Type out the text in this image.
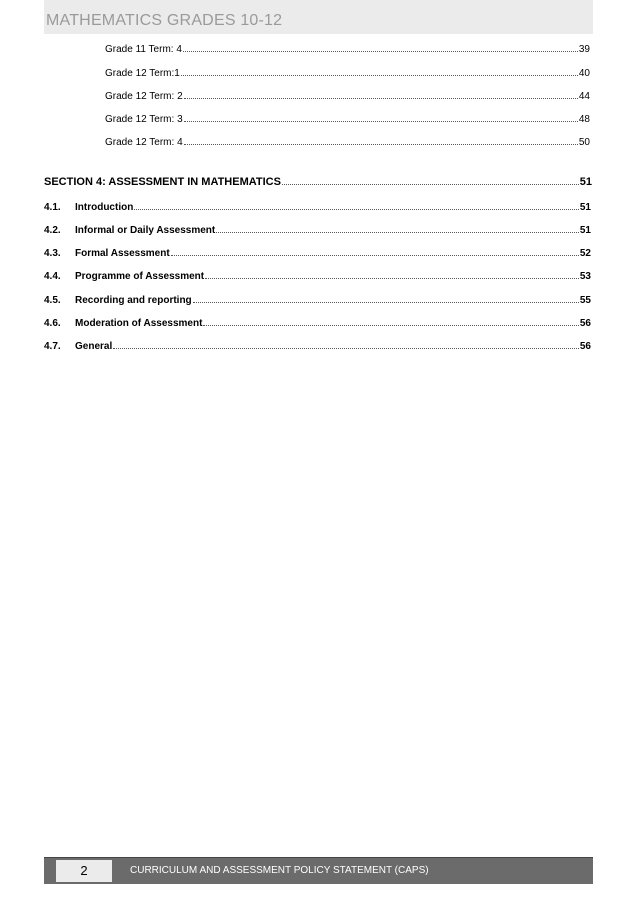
MATHEMATICS GRADES 10-12
Grade 11 Term: 4	39
Grade 12 Term:1	40
Grade 12 Term: 2	44
Grade 12 Term: 3	48
Grade 12 Term: 4	50
SECTION 4: ASSESSMENT IN MATHEMATICS	51
4.1. Introduction	51
4.2. Informal or Daily Assessment	51
4.3. Formal Assessment	52
4.4. Programme of Assessment	53
4.5. Recording and reporting	55
4.6. Moderation of Assessment	56
4.7. General	56
2	CURRICULUM AND ASSESSMENT POLICY STATEMENT (CAPS)
